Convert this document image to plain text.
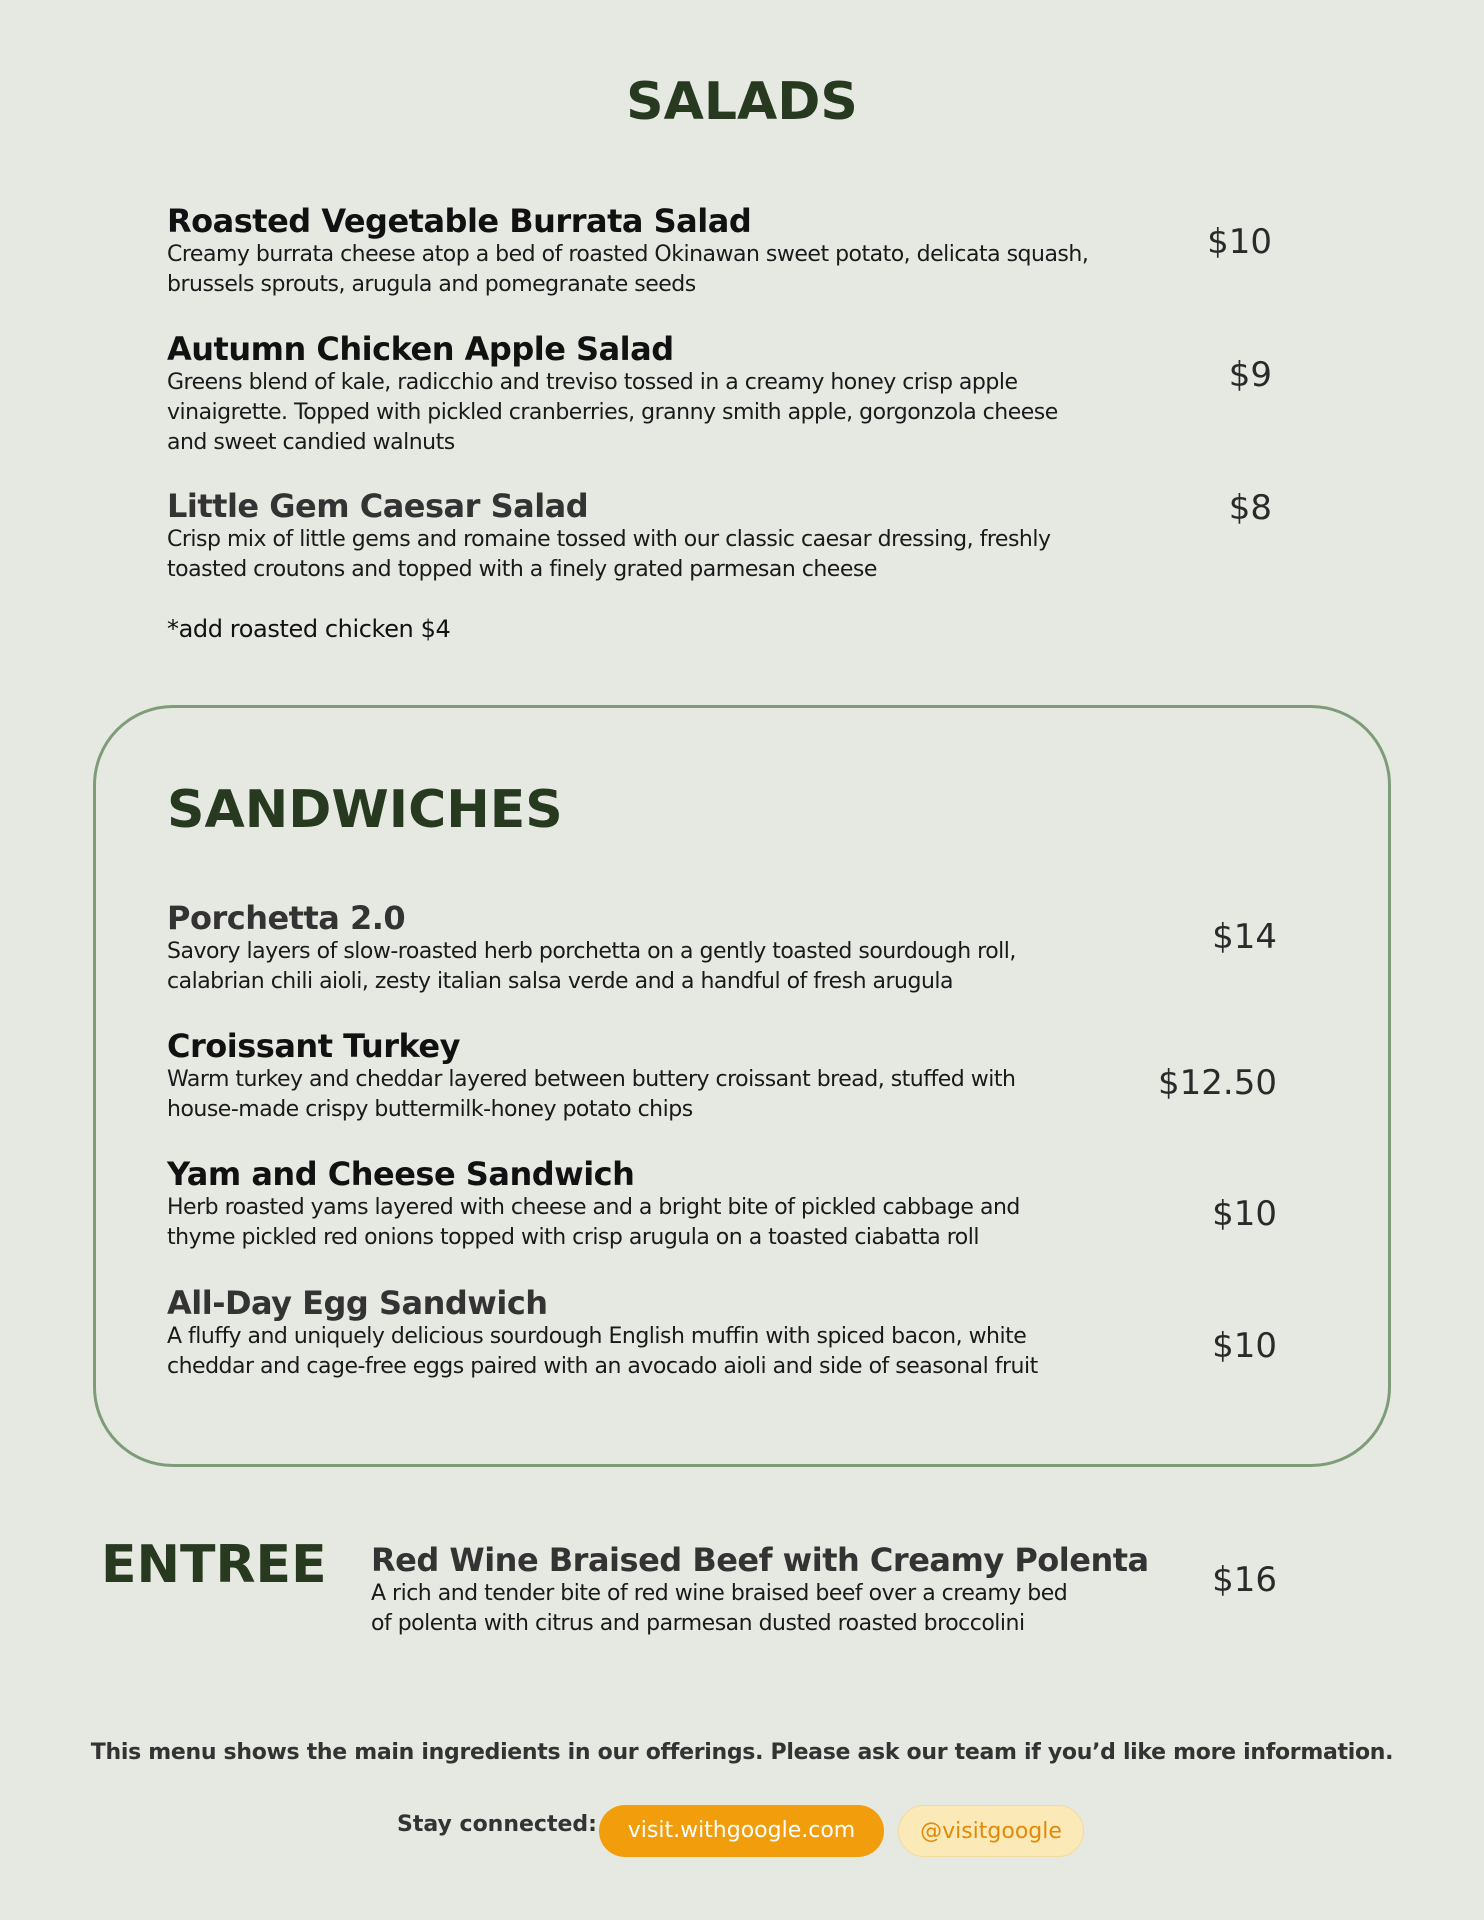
SALADS
Roasted Vegetable Burrata Salad
Creamy burrata cheese atop a bed of roasted Okinawan sweet potato, delicata squash,
brussels sprouts, arugula and pomegranate seeds
$10
Autumn Chicken Apple Salad
Greens blend of kale, radicchio and treviso tossed in a creamy honey crisp apple
vinaigrette. Topped with pickled cranberries, granny smith apple, gorgonzola cheese
and sweet candied walnuts
$9
Little Gem Caesar Salad
Crisp mix of little gems and romaine tossed with our classic caesar dressing, freshly
toasted croutons and topped with a finely grated parmesan cheese
$8
*add roasted chicken $4
SANDWICHES
Porchetta 2.0
Savory layers of slow-roasted herb porchetta on a gently toasted sourdough roll,
calabrian chili aioli, zesty italian salsa verde and a handful of fresh arugula
$14
Croissant Turkey
Warm turkey and cheddar layered between buttery croissant bread, stuffed with
house-made crispy buttermilk-honey potato chips
$12.50
Yam and Cheese Sandwich
Herb roasted yams layered with cheese and a bright bite of pickled cabbage and
thyme pickled red onions topped with crisp arugula on a toasted ciabatta roll
$10
All-Day Egg Sandwich
A fluffy and uniquely delicious sourdough English muffin with spiced bacon, white
cheddar and cage-free eggs paired with an avocado aioli and side of seasonal fruit
$10
ENTREE Red Wine Braised Beef with Creamy Polenta
A rich and tender bite of red wine braised beef over a creamy bed
of polenta with citrus and parmesan dusted roasted broccolini
$16
This menu shows the main ingredients in our offerings. Please ask our team if you’d like more information.
Stay connected:	visit.withgoogle.com	@visitgoogle
